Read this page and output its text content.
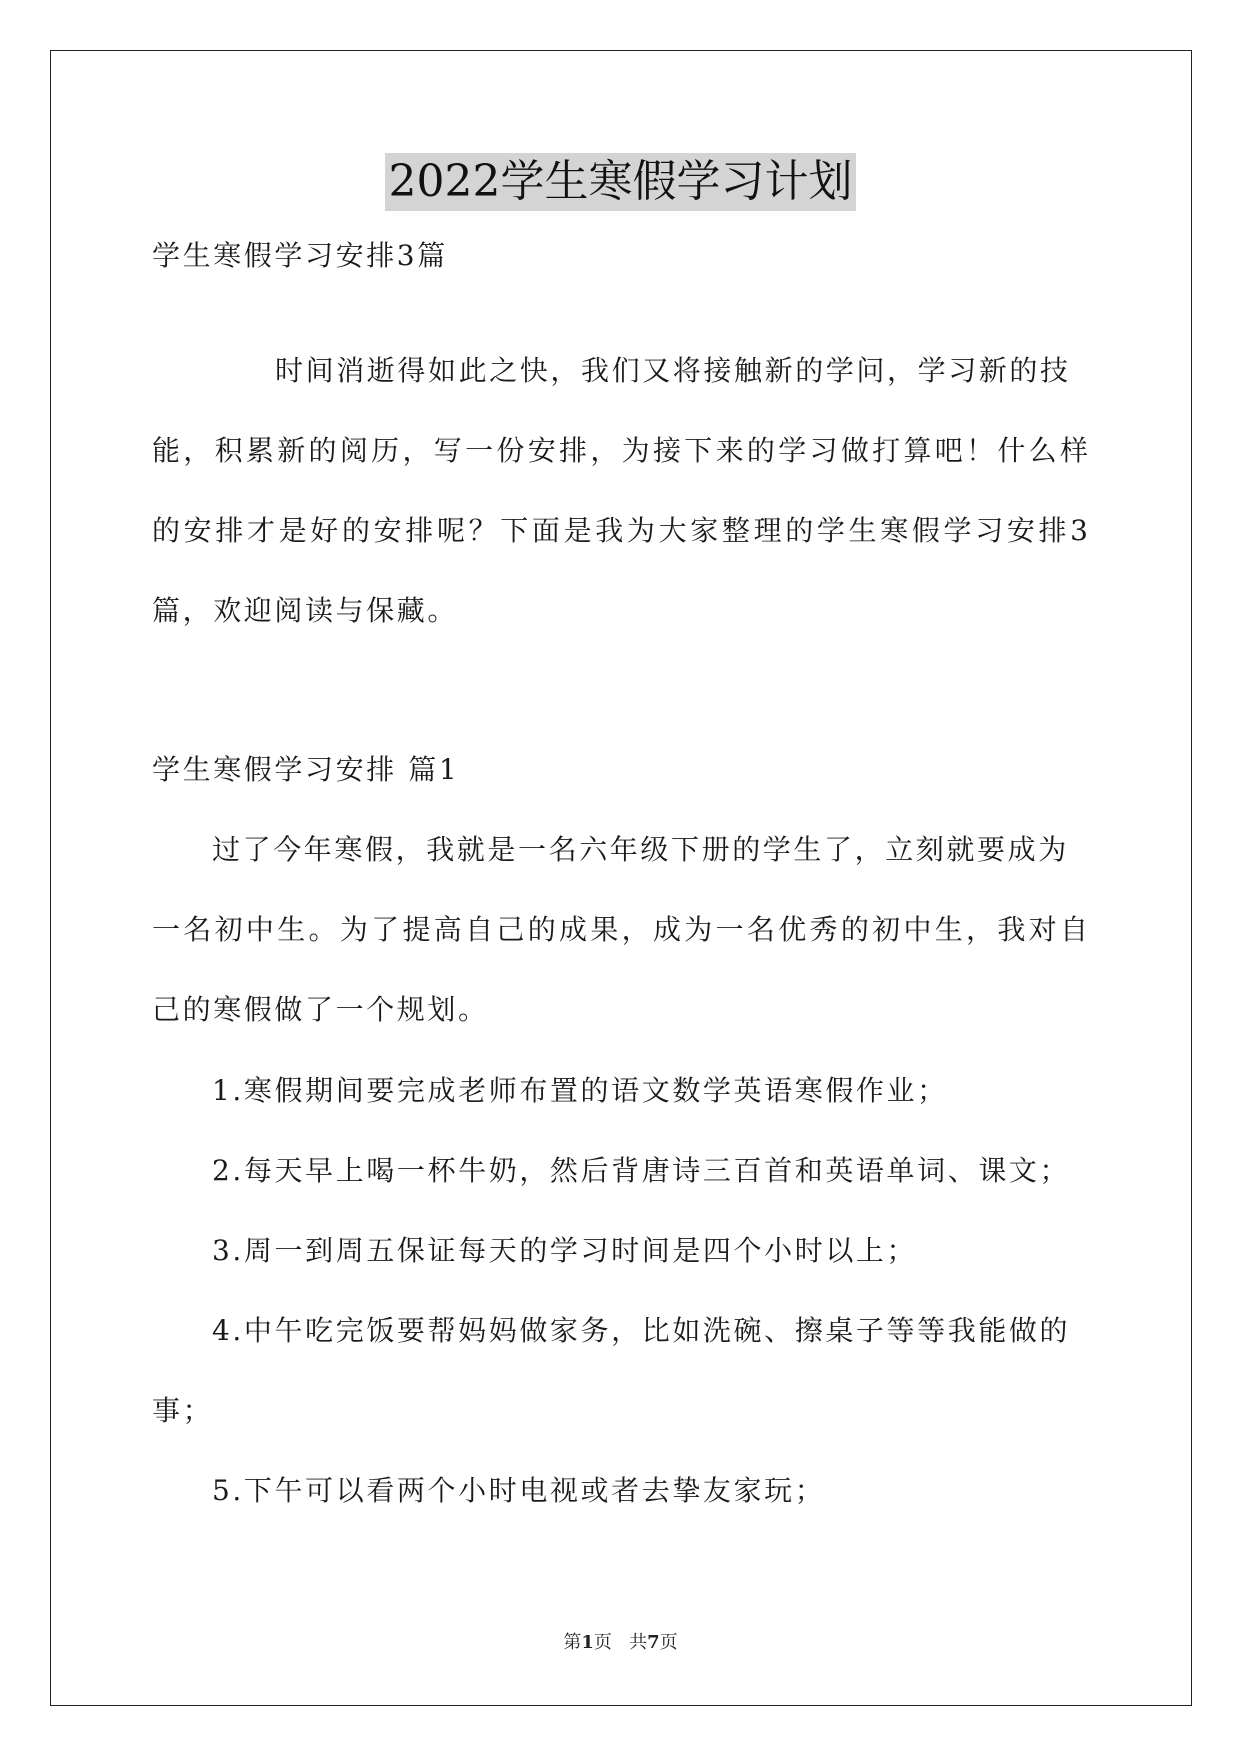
2022学生寒假学习计划
学生寒假学习安排3篇
时间消逝得如此之快，我们又将接触新的学问，学习新的技
能，积累新的阅历，写一份安排，为接下来的学习做打算吧！什么样
的安排才是好的安排呢？下面是我为大家整理的学生寒假学习安排3
篇，欢迎阅读与保藏。
学生寒假学习安排 篇1
过了今年寒假，我就是一名六年级下册的学生了，立刻就要成为
一名初中生。为了提高自己的成果，成为一名优秀的初中生，我对自
己的寒假做了一个规划。
1.寒假期间要完成老师布置的语文数学英语寒假作业；
2.每天早上喝一杯牛奶，然后背唐诗三百首和英语单词、课文；
3.周一到周五保证每天的学习时间是四个小时以上；
4.中午吃完饭要帮妈妈做家务，比如洗碗、擦桌子等等我能做的
事；
5.下午可以看两个小时电视或者去挚友家玩；
第1页   共7页
